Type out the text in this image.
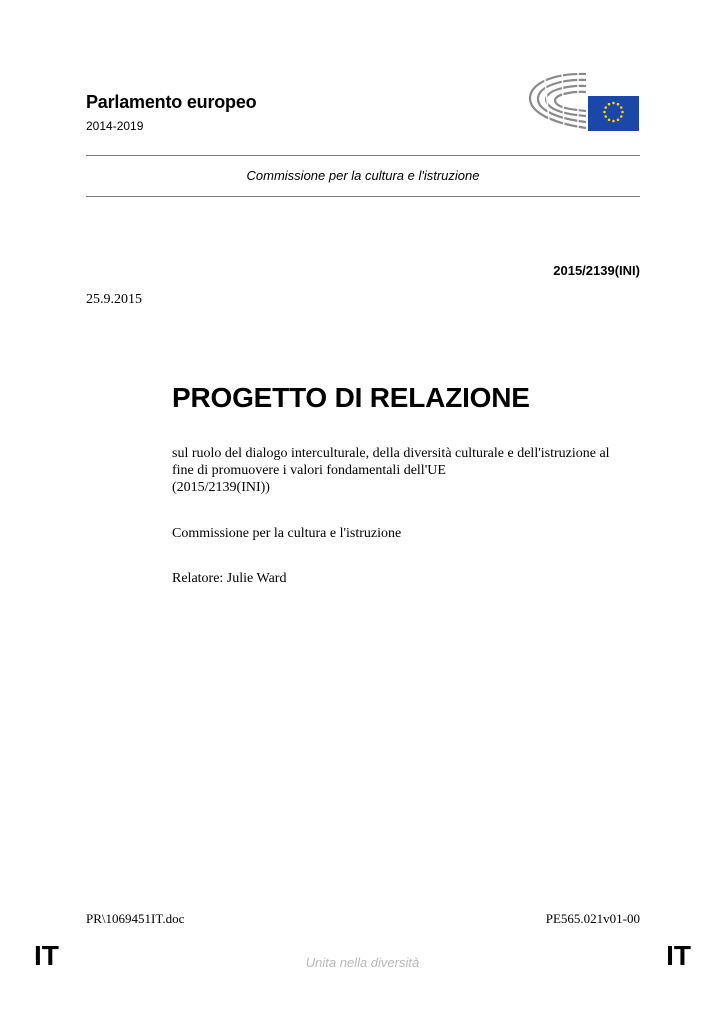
Parlamento europeo
2014-2019
Commissione per la cultura e l'istruzione
2015/2139(INI)
25.9.2015
PROGETTO DI RELAZIONE
sul ruolo del dialogo interculturale, della diversità culturale e dell'istruzione al
fine di promuovere i valori fondamentali dell'UE
(2015/2139(INI))
Commissione per la cultura e l'istruzione
Relatore: Julie Ward
PR\1069451IT.doc	PE565.021v01-00
IT	Unita nella diversità	IT
